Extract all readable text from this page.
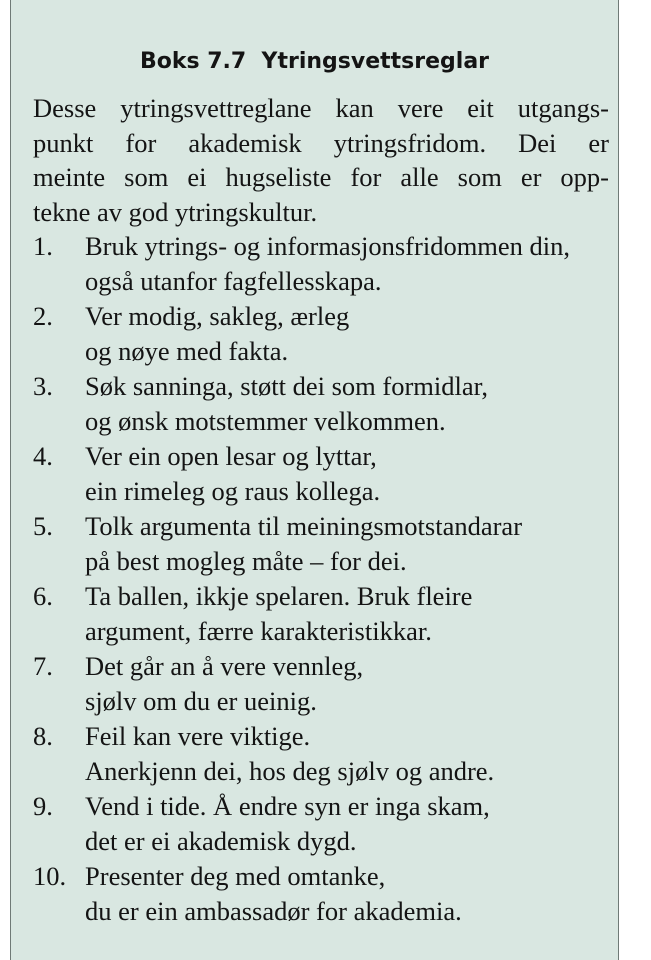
Boks 7.7  Ytringsvettsreglar
Desse ytringsvettreglane kan vere eit utgangs-
punkt for akademisk ytringsfridom. Dei er
meinte som ei hugseliste for alle som er opp-
tekne av god ytringskultur.
1.	Bruk ytrings- og informasjonsfridommen din,
også utanfor fagfellesskapa.
2.	Ver modig, sakleg, ærleg
og nøye med fakta.
3.	Søk sanninga, støtt dei som formidlar,
og ønsk motstemmer velkommen.
4.	Ver ein open lesar og lyttar,
ein rimeleg og raus kollega.
5.	Tolk argumenta til meiningsmotstandarar
på best mogleg måte – for dei.
6.	Ta ballen, ikkje spelaren. Bruk fleire
argument, færre karakteristikkar.
7.	Det går an å vere vennleg,
sjølv om du er ueinig.
8.	Feil kan vere viktige.
Anerkjenn dei, hos deg sjølv og andre.
9.	Vend i tide. Å endre syn er inga skam,
det er ei akademisk dygd.
10. Presenter deg med omtanke,
du er ein ambassadør for akademia.
